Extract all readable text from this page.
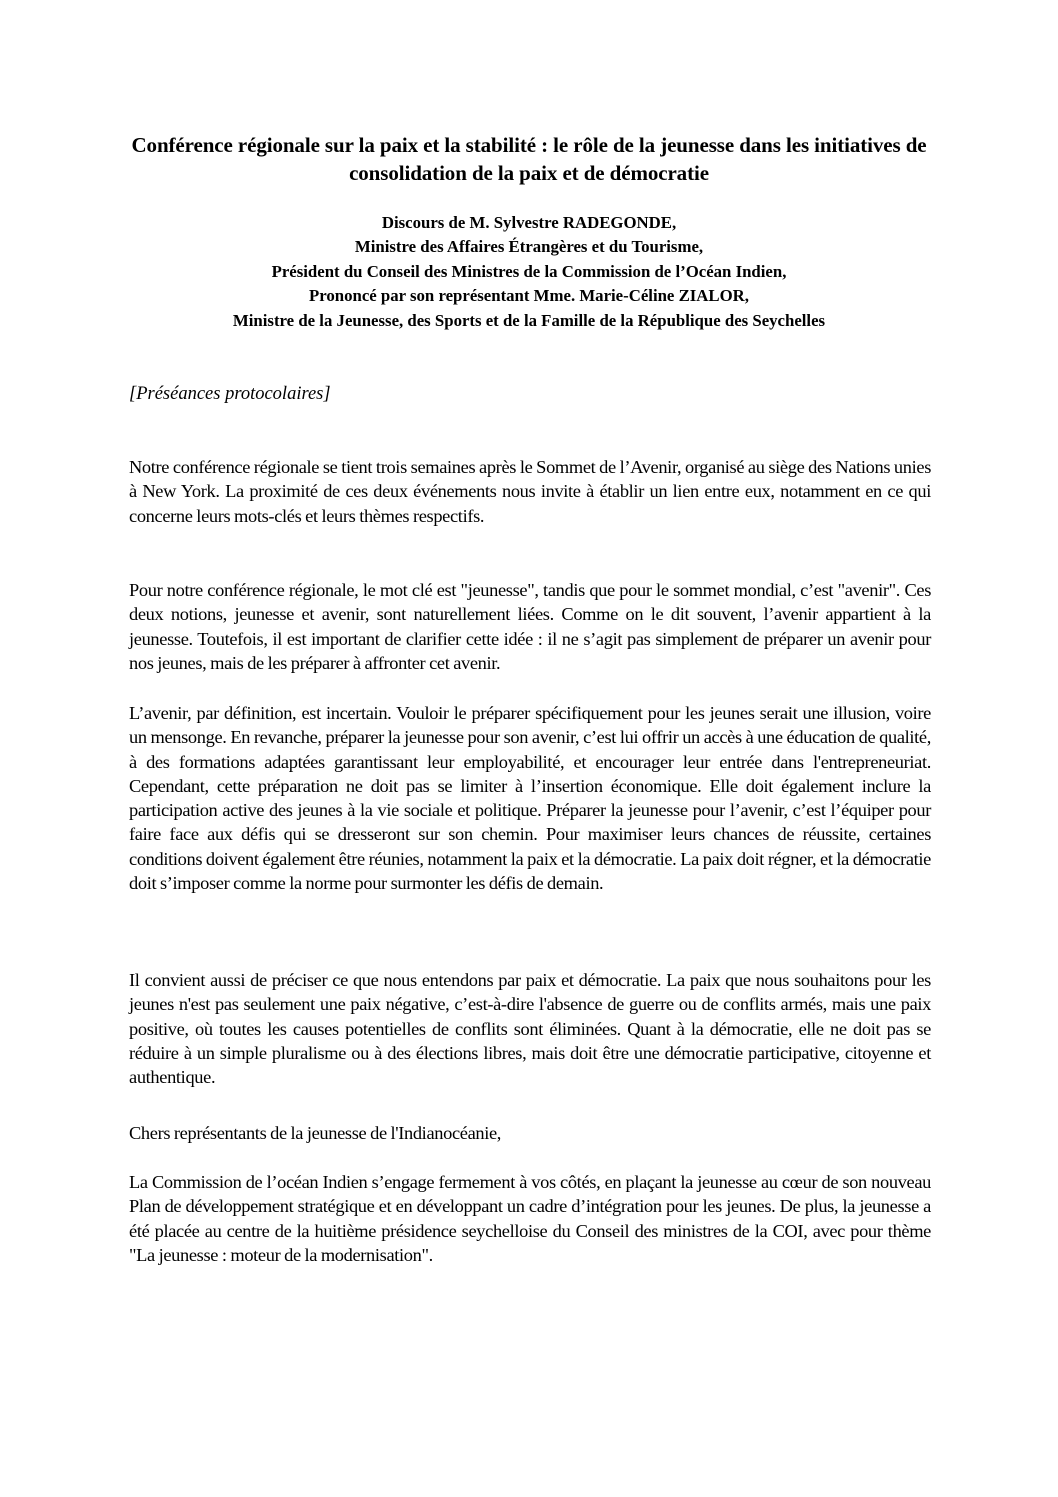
Conférence régionale sur la paix et la stabilité : le rôle de la jeunesse dans les initiatives de consolidation de la paix et de démocratie
Discours de M. Sylvestre RADEGONDE,
Ministre des Affaires Étrangères et du Tourisme,
Président du Conseil des Ministres de la Commission de l’Océan Indien,
Prononcé par son représentant Mme. Marie-Céline ZIALOR,
Ministre de la Jeunesse, des Sports et de la Famille de la République des Seychelles
[Préséances protocolaires]
Notre conférence régionale se tient trois semaines après le Sommet de l’Avenir, organisé au siège des Nations unies à New York. La proximité de ces deux événements nous invite à établir un lien entre eux, notamment en ce qui concerne leurs mots-clés et leurs thèmes respectifs.
Pour notre conférence régionale, le mot clé est "jeunesse", tandis que pour le sommet mondial, c’est "avenir". Ces deux notions, jeunesse et avenir, sont naturellement liées. Comme on le dit souvent, l’avenir appartient à la jeunesse. Toutefois, il est important de clarifier cette idée : il ne s’agit pas simplement de préparer un avenir pour nos jeunes, mais de les préparer à affronter cet avenir.
L’avenir, par définition, est incertain. Vouloir le préparer spécifiquement pour les jeunes serait une illusion, voire un mensonge. En revanche, préparer la jeunesse pour son avenir, c’est lui offrir un accès à une éducation de qualité, à des formations adaptées garantissant leur employabilité, et encourager leur entrée dans l'entrepreneuriat. Cependant, cette préparation ne doit pas se limiter à l’insertion économique. Elle doit également inclure la participation active des jeunes à la vie sociale et politique. Préparer la jeunesse pour l’avenir, c’est l’équiper pour faire face aux défis qui se dresseront sur son chemin. Pour maximiser leurs chances de réussite, certaines conditions doivent également être réunies, notamment la paix et la démocratie. La paix doit régner, et la démocratie doit s’imposer comme la norme pour surmonter les défis de demain.
Il convient aussi de préciser ce que nous entendons par paix et démocratie. La paix que nous souhaitons pour les jeunes n'est pas seulement une paix négative, c’est-à-dire l'absence de guerre ou de conflits armés, mais une paix positive, où toutes les causes potentielles de conflits sont éliminées. Quant à la démocratie, elle ne doit pas se réduire à un simple pluralisme ou à des élections libres, mais doit être une démocratie participative, citoyenne et authentique.
Chers représentants de la jeunesse de l'Indianocéanie,
La Commission de l’océan Indien s’engage fermement à vos côtés, en plaçant la jeunesse au cœur de son nouveau Plan de développement stratégique et en développant un cadre d’intégration pour les jeunes. De plus, la jeunesse a été placée au centre de la huitième présidence seychelloise du Conseil des ministres de la COI, avec pour thème "La jeunesse : moteur de la modernisation".
